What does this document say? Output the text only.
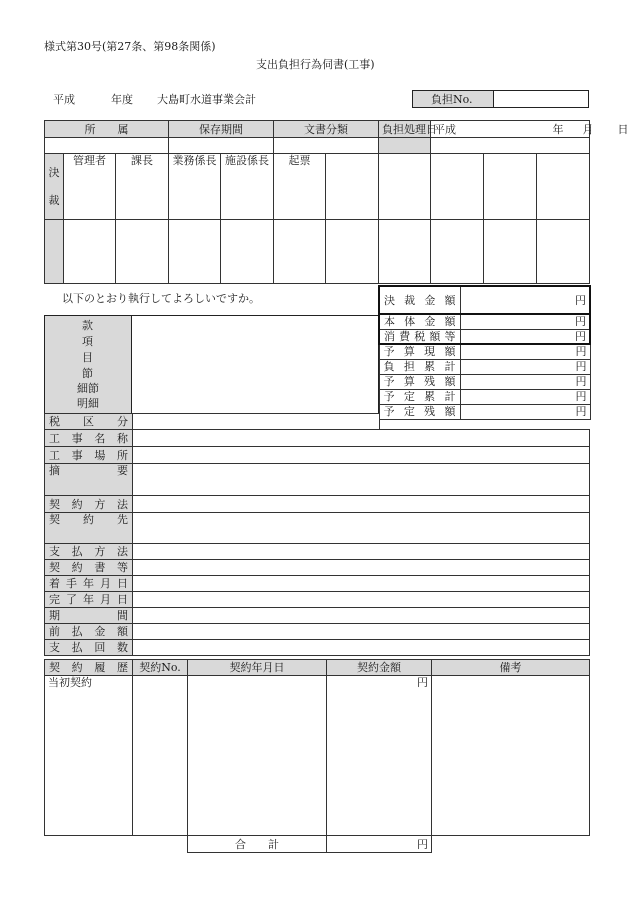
様式第30号(第27条、第98条関係)
支出負担行為伺書(工事)
平成	年度 大島町水道事業会計	負担No.
所　　属			保存期間		文書分類		負担処理日	平成 年 月 日		

決
裁	管理者	課長	業務係長	施設係長	起票					

以下のとおり執行してよろしいですか。
款
項
目
節
細節
明細
決 裁 金 額	円
本 体 金 額	円
消費税額等	円
予 算 現 額	円
負 担 累 計	円
予 算 残 額	円
予 定 累 計	円
予 定 残 額	円
税　区　分	
工事名称	
工事場所	
摘　　要	
契約方法	
契　約　先	
支払方法	
契約書等	
着手年月日	
完了年月日	
期　　　間	
前払金額	
支払回数	
契約履歴	契約No.	契約年月日	契約金額	備考
当初契約			円	
合　　計	円
